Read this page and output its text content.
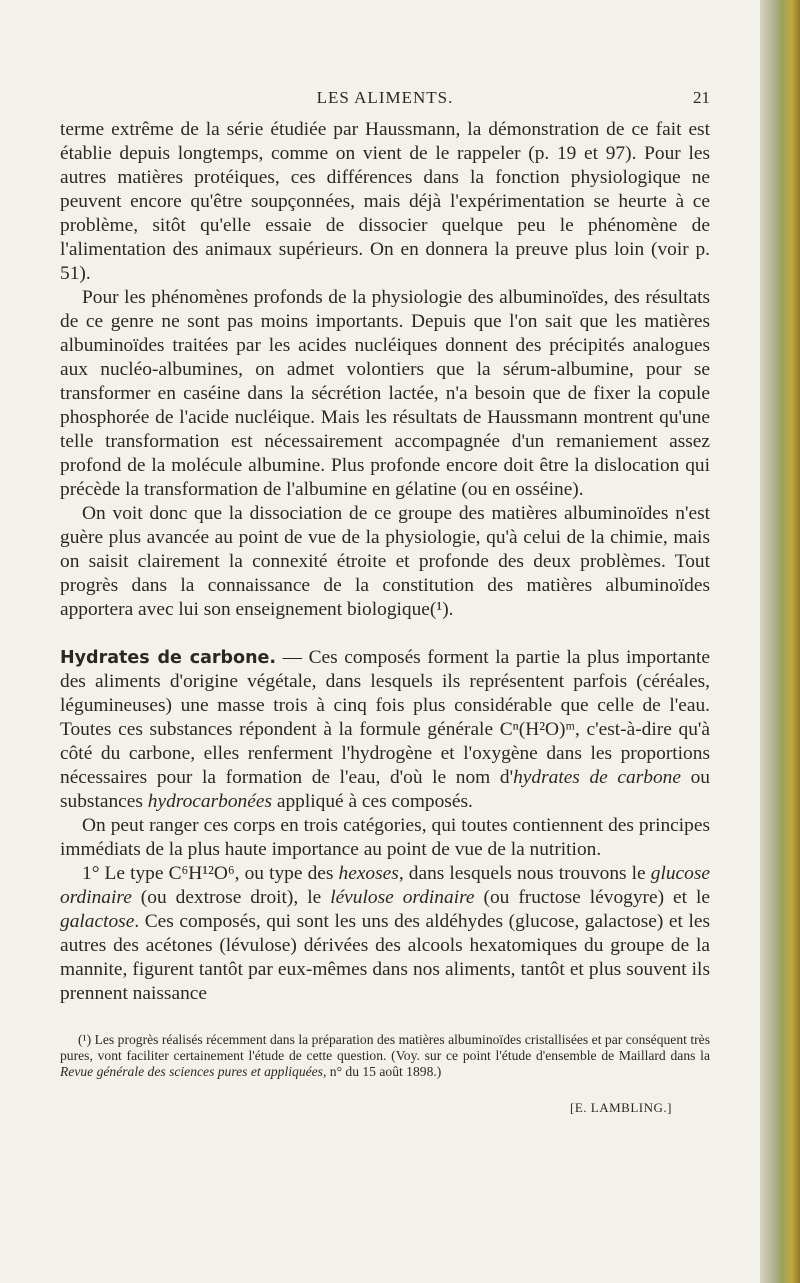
LES ALIMENTS.	21

terme extrême de la série étudiée par Haussmann, la démonstration de ce fait est établie depuis longtemps, comme on vient de le rappeler (p. 19 et 97). Pour les autres matières protéiques, ces différences dans la fonction physiologique ne peuvent encore qu'être soupçonnées, mais déjà l'expérimentation se heurte à ce problème, sitôt qu'elle essaie de dissocier quelque peu le phénomène de l'alimentation des animaux supérieurs. On en donnera la preuve plus loin (voir p. 51).

Pour les phénomènes profonds de la physiologie des albuminoïdes, des résultats de ce genre ne sont pas moins importants. Depuis que l'on sait que les matières albuminoïdes traitées par les acides nucléiques donnent des précipités analogues aux nucléo-albumines, on admet volontiers que la sérum-albumine, pour se transformer en caséine dans la sécrétion lactée, n'a besoin que de fixer la copule phosphorée de l'acide nucléique. Mais les résultats de Haussmann montrent qu'une telle transformation est nécessairement accompagnée d'un remaniement assez profond de la molécule albumine. Plus profonde encore doit être la dislocation qui précède la transformation de l'albumine en gélatine (ou en osséine).

On voit donc que la dissociation de ce groupe des matières albuminoïdes n'est guère plus avancée au point de vue de la physiologie, qu'à celui de la chimie, mais on saisit clairement la connexité étroite et profonde des deux problèmes. Tout progrès dans la connaissance de la constitution des matières albuminoïdes apportera avec lui son enseignement biologique(¹).

Hydrates de carbone. — Ces composés forment la partie la plus importante des aliments d'origine végétale, dans lesquels ils représentent parfois (céréales, légumineuses) une masse trois à cinq fois plus considérable que celle de l'eau. Toutes ces substances répondent à la formule générale Cⁿ(H²O)ᵐ, c'est-à-dire qu'à côté du carbone, elles renferment l'hydrogène et l'oxygène dans les proportions nécessaires pour la formation de l'eau, d'où le nom d'hydrates de carbone ou substances hydrocarbonées appliqué à ces composés.

On peut ranger ces corps en trois catégories, qui toutes contiennent des principes immédiats de la plus haute importance au point de vue de la nutrition.

1° Le type C⁶H¹²O⁶, ou type des hexoses, dans lesquels nous trouvons le glucose ordinaire (ou dextrose droit), le lévulose ordinaire (ou fructose lévogyre) et le galactose. Ces composés, qui sont les uns des aldéhydes (glucose, galactose) et les autres des acétones (lévulose) dérivées des alcools hexatomiques du groupe de la mannite, figurent tantôt par eux-mêmes dans nos aliments, tantôt et plus souvent ils prennent naissance

(¹) Les progrès réalisés récemment dans la préparation des matières albuminoïdes cristallisées et par conséquent très pures, vont faciliter certainement l'étude de cette question. (Voy. sur ce point l'étude d'ensemble de Maillard dans la Revue générale des sciences pures et appliquées, n° du 15 août 1898.)
[E. LAMBLING.]
